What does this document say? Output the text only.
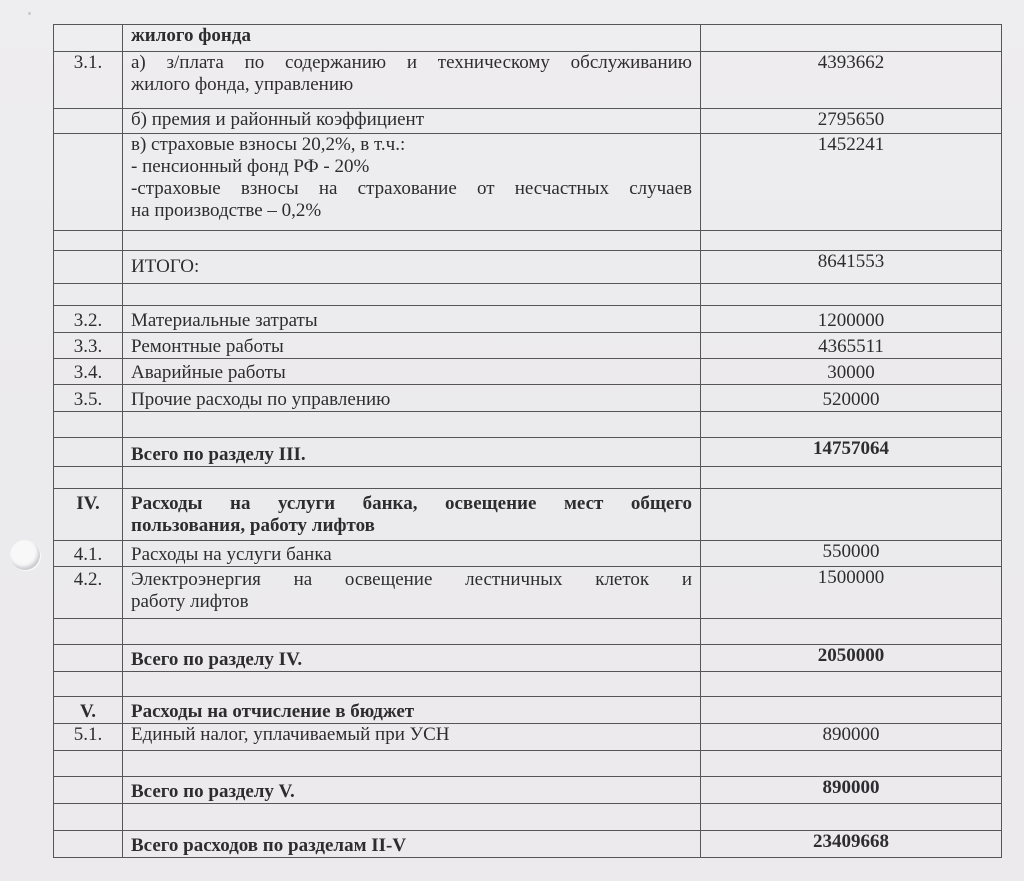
	жилого фонда	

3.1.	а) з/плата по содержанию и техническому обслуживанию
жилого фонда, управлению	4393662

	б) премия и районный коэффициент	2795650

	в) страховые взносы 20,2%, в т.ч.:
- пенсионный фонд РФ - 20%
-страховые взносы на страхование от несчастных случаев
на производстве – 0,2%	1452241

	ИТОГО:	8641553

3.2.	Материальные затраты	1200000
3.3.	Ремонтные работы	4365511
3.4.	Аварийные работы	30000
3.5.	Прочие расходы по управлению	520000

	Всего по разделу III.	14757064

IV.	Расходы на услуги банка, освещение мест общего
пользования, работу лифтов	

4.1.	Расходы на услуги банка	550000
4.2.	Электроэнергия на освещение лестничных клеток и
работу лифтов	1500000

	Всего по разделу IV.	2050000

V.	Расходы на отчисление в бюджет	

5.1.	Единый налог, уплачиваемый при УСН	890000

	Всего по разделу V.	890000

	Всего расходов по разделам II-V	23409668
